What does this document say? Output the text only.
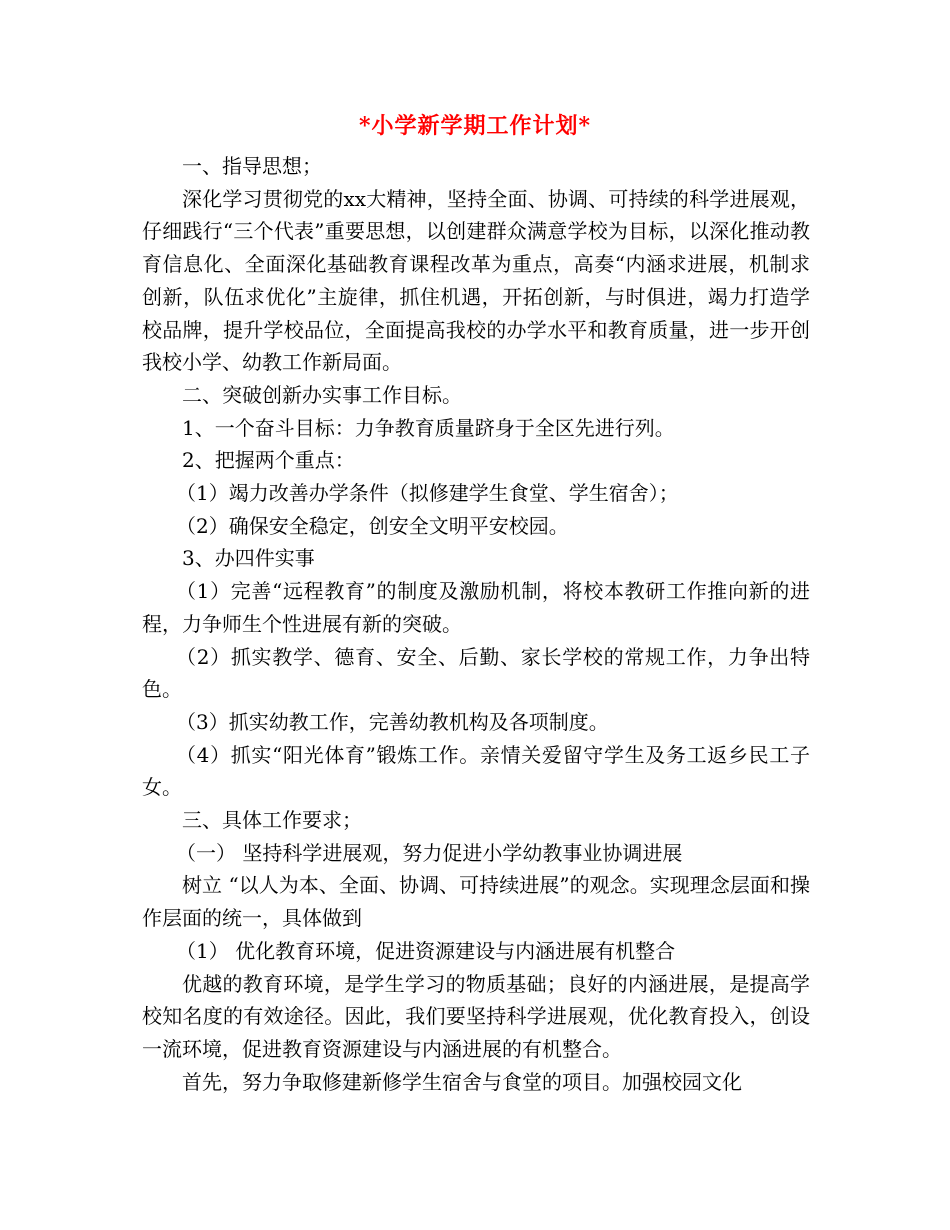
*小学新学期工作计划*

一、指导思想；

深化学习贯彻党的xx大精神，坚持全面、协调、可持续的科学进展观，仔细践行“三个代表”重要思想，以创建群众满意学校为目标，以深化推动教育信息化、全面深化基础教育课程改革为重点，高奏“内涵求进展，机制求创新，队伍求优化”主旋律，抓住机遇，开拓创新，与时俱进，竭力打造学校品牌，提升学校品位，全面提高我校的办学水平和教育质量，进一步开创我校小学、幼教工作新局面。

二、突破创新办实事工作目标。

1、一个奋斗目标：力争教育质量跻身于全区先进行列。

2、把握两个重点：

（1）竭力改善办学条件（拟修建学生食堂、学生宿舍）；

（2）确保安全稳定，创安全文明平安校园。

3、办四件实事

（1）完善“远程教育”的制度及激励机制，将校本教研工作推向新的进程，力争师生个性进展有新的突破。

（2）抓实教学、德育、安全、后勤、家长学校的常规工作，力争出特色。

（3）抓实幼教工作，完善幼教机构及各项制度。

（4）抓实“阳光体育”锻炼工作。亲情关爱留守学生及务工返乡民工子女。

三、具体工作要求；

（一） 坚持科学进展观，努力促进小学幼教事业协调进展

树立 “以人为本、全面、协调、可持续进展”的观念。实现理念层面和操作层面的统一，具体做到

（1） 优化教育环境，促进资源建设与内涵进展有机整合

优越的教育环境，是学生学习的物质基础；良好的内涵进展，是提高学校知名度的有效途径。因此，我们要坚持科学进展观，优化教育投入，创设一流环境，促进教育资源建设与内涵进展的有机整合。

首先，努力争取修建新修学生宿舍与食堂的项目。加强校园文化
